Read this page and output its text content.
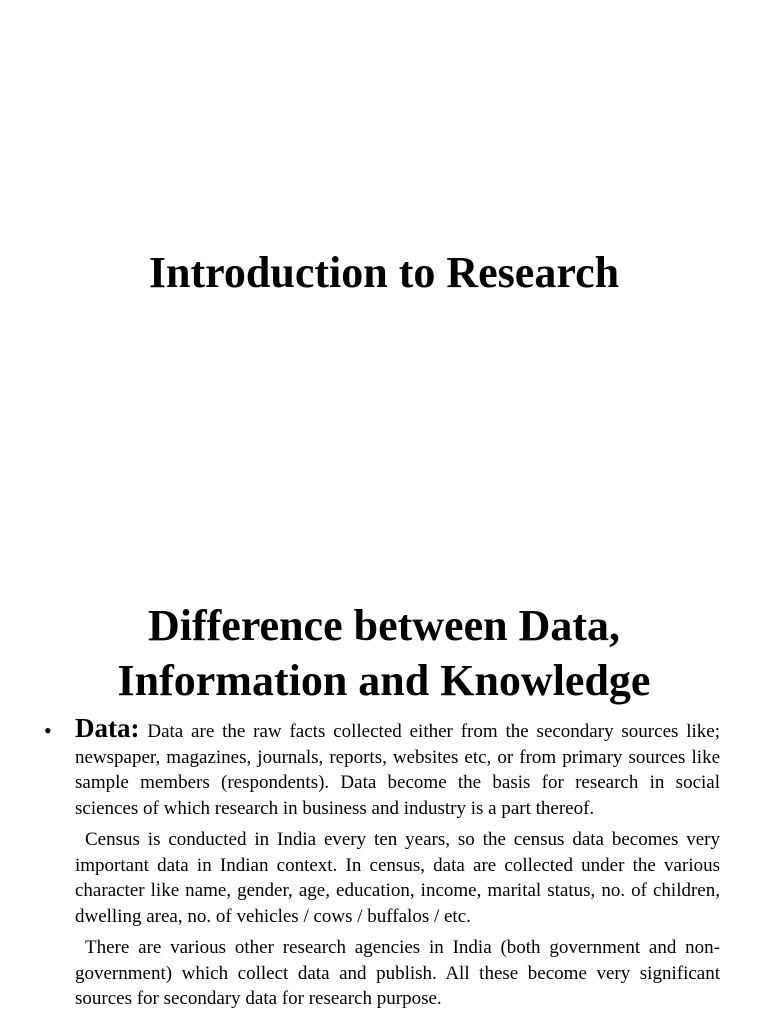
Introduction to Research
Difference between Data,
Information and Knowledge
• Data: Data are the raw facts collected either from the secondary sources like; newspaper, magazines, journals, reports, websites etc, or from primary sources like sample members (respondents). Data become the basis for research in social sciences of which research in business and industry is a part thereof.

Census is conducted in India every ten years, so the census data becomes very important data in Indian context. In census, data are collected under the various character like name, gender, age, education, income, marital status, no. of children, dwelling area, no. of vehicles / cows / buffalos / etc.

There are various other research agencies in India (both government and non-government) which collect data and publish. All these become very significant sources for secondary data for research purpose.
